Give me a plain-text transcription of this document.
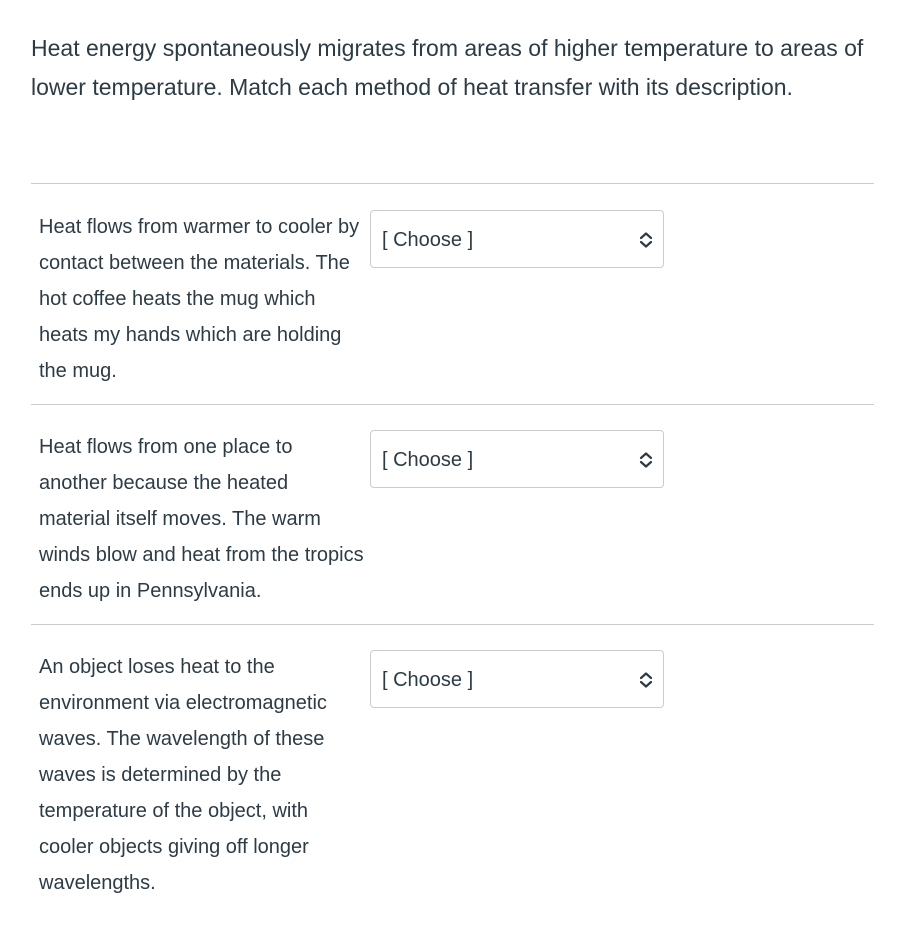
Heat energy spontaneously migrates from areas of higher temperature to areas of lower temperature. Match each method of heat transfer with its description.

Heat flows from warmer to cooler by contact between the materials. The hot coffee heats the mug which heats my hands which are holding the mug.

[ Choose ]

Heat flows from one place to another because the heated material itself moves. The warm winds blow and heat from the tropics ends up in Pennsylvania.

[ Choose ]

An object loses heat to the environment via electromagnetic waves. The wavelength of these waves is determined by the temperature of the object, with cooler objects giving off longer wavelengths.

[ Choose ]
